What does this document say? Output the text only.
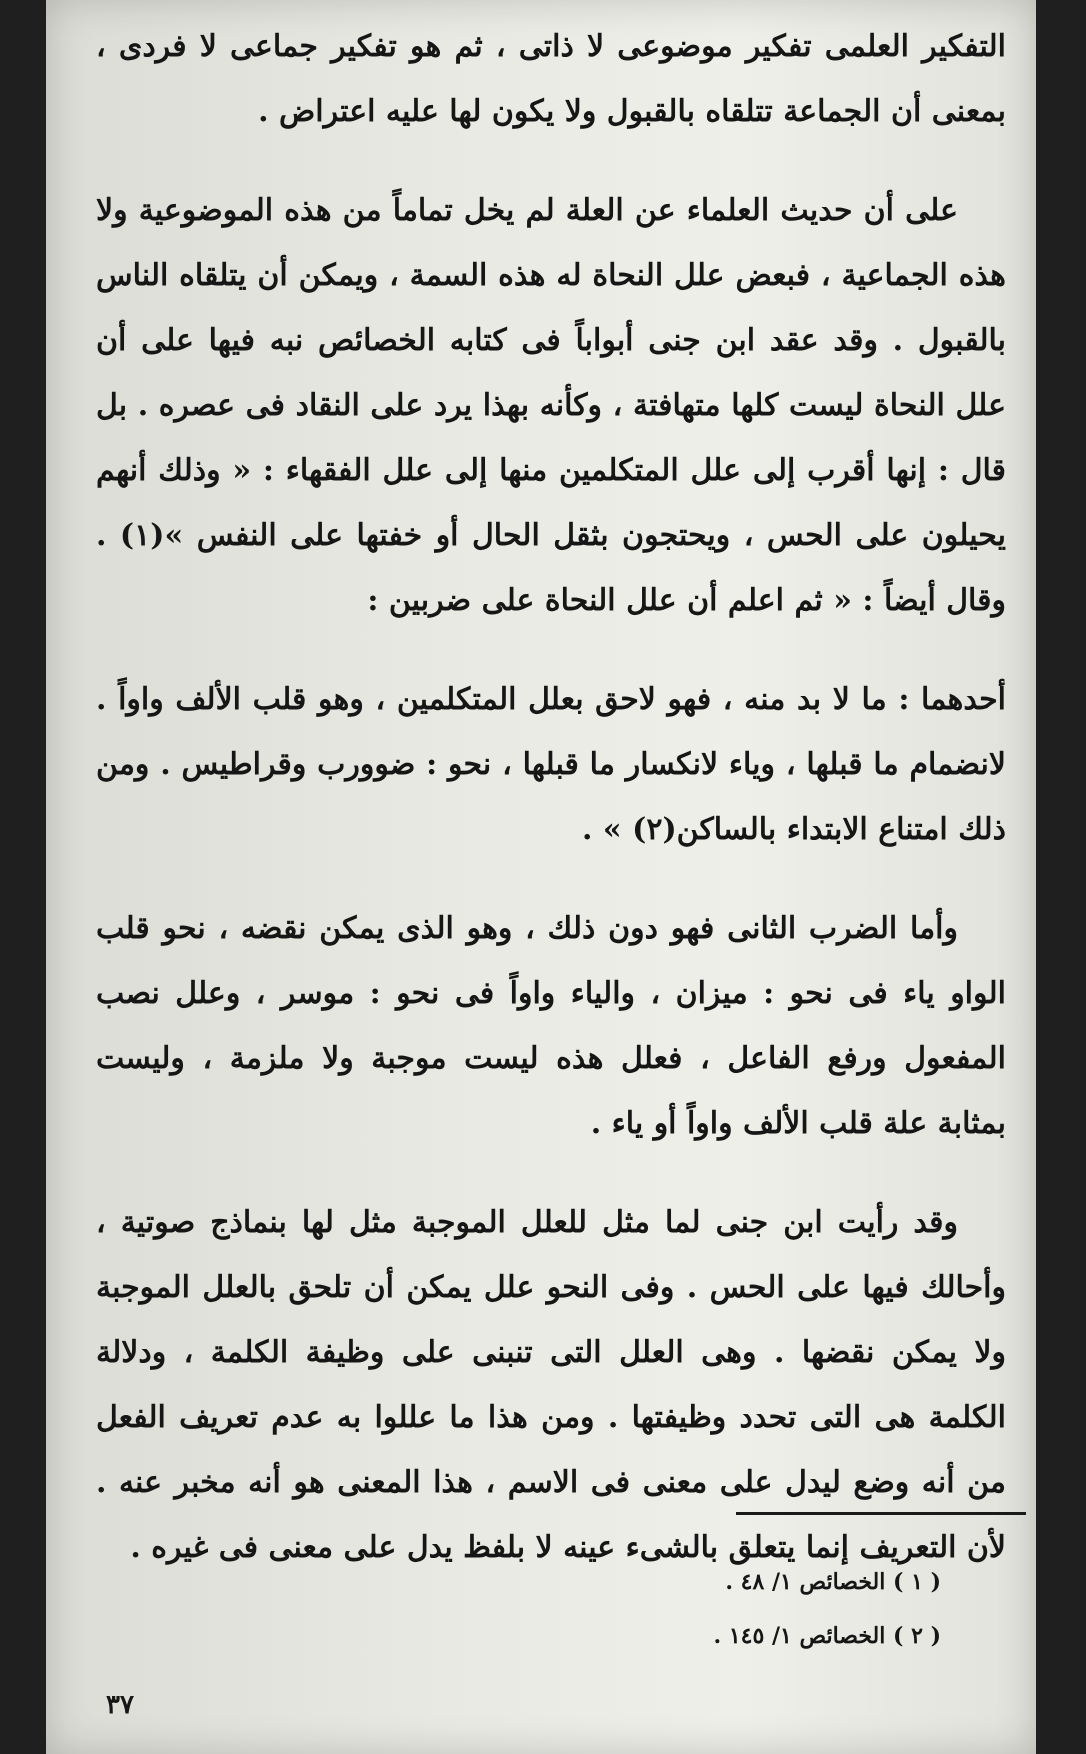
التفكير العلمى تفكير موضوعى لا ذاتى ، ثم هو تفكير جماعى لا فردى ، بمعنى أن الجماعة تتلقاه بالقبول ولا يكون لها عليه اعتراض .

على أن حديث العلماء عن العلة لم يخل تماماً من هذه الموضوعية ولا هذه الجماعية ، فبعض علل النحاة له هذه السمة ، ويمكن أن يتلقاه الناس بالقبول . وقد عقد ابن جنى أبواباً فى كتابه الخصائص نبه فيها على أن علل النحاة ليست كلها متهافتة ، وكأنه بهذا يرد على النقاد فى عصره . بل قال : إنها أقرب إلى علل المتكلمين منها إلى علل الفقهاء : « وذلك أنهم يحيلون على الحس ، ويحتجون بثقل الحال أو خفتها على النفس »(١) . وقال أيضاً : « ثم اعلم أن علل النحاة على ضربين :

أحدهما : ما لا بد منه ، فهو لاحق بعلل المتكلمين ، وهو قلب الألف واواً . لانضمام ما قبلها ، وياء لانكسار ما قبلها ، نحو : ضوورب وقراطيس . ومن ذلك امتناع الابتداء بالساكن(٢) » .

وأما الضرب الثانى فهو دون ذلك ، وهو الذى يمكن نقضه ، نحو قلب الواو ياء فى نحو : ميزان ، والياء واواً فى نحو : موسر ، وعلل نصب المفعول ورفع الفاعل ، فعلل هذه ليست موجبة ولا ملزمة ، وليست بمثابة علة قلب الألف واواً أو ياء .

وقد رأيت ابن جنى لما مثل للعلل الموجبة مثل لها بنماذج صوتية ، وأحالك فيها على الحس . وفى النحو علل يمكن أن تلحق بالعلل الموجبة ولا يمكن نقضها . وهى العلل التى تنبنى على وظيفة الكلمة ، ودلالة الكلمة هى التى تحدد وظيفتها . ومن هذا ما عللوا به عدم تعريف الفعل من أنه وضع ليدل على معنى فى الاسم ، هذا المعنى هو أنه مخبر عنه . لأن التعريف إنما يتعلق بالشىء عينه لا بلفظ يدل على معنى فى غيره .

( ١ ) الخصائص ١/ ٤٨ .
( ٢ ) الخصائص ١/ ١٤٥ .
٣٧
